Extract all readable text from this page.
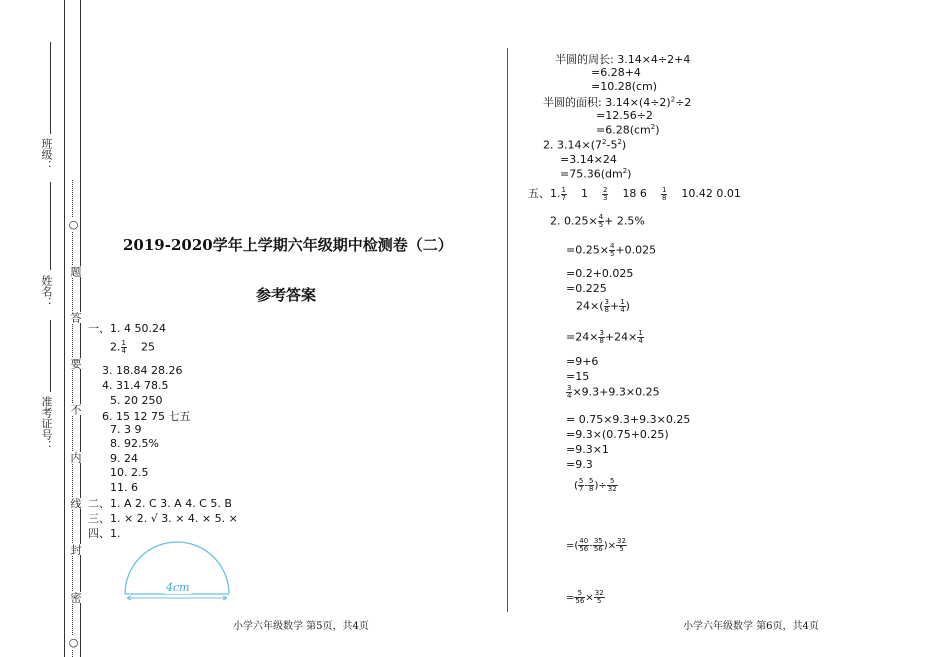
班级：
姓名：
准考证号：
○
题
答
要
不
内
线
封
密
○
2019-2020学年上学期六年级期中检测卷（二）
参考答案
一、1. 4 50.24
2. $\frac{1}{4} 25$
3. 18.84 28.26
4. 31.4 78.5
5. 20 250
6. 15 12 75 七五
7. 3 9
8. 92.5%
9. 24
10. 2.5
11. 6
二、1. A 2. C 3. A 4. C 5. B
三、1. × 2. √ 3. × 4. × 5. ×
四、1.
4cm
小学六年级数学 第5页，共4页
半圆的周长: 3.14×4÷2+4
=6.28+4
=10.28(cm)
半圆的面积: $3.14\times(4\div 2)^2\div 2$
=12.56÷2
$=6.28(cm^2)$
2. $3.14\times(7^2-5^2)$
=3.14×24
$=75.36(dm^2)$
五、1. $\frac{1}{7} 1 \frac{2}{3} 18$ $6 \frac{1}{8} 10.42$ 0.01
2. $0.25\times \frac{4}{5} + 2.5\%$
$=0.25\times \frac{4}{5} +0.025$
=0.2+0.025
=0.225
$24\times( \frac{3}{8} + \frac{1}{4}$ )
$=24\times \frac{3}{8} +24\times \frac{1}{4}$
=9+6
=15
$\frac{3}{4} \times 9.3+9.3\times 0.25$
= 0.75×9.3+9.3×0.25
=9.3×(0.75+0.25)
=9.3×1
=9.3
( $\frac{5}{7} - \frac{5}{8}$ )÷ $\frac{5}{32}$
=( $\frac{40}{56} - \frac{35}{56}$ )× $\frac{32}{5}$
= $\frac{5}{56} \times \frac{32}{5}$
小学六年级数学 第6页，共4页
